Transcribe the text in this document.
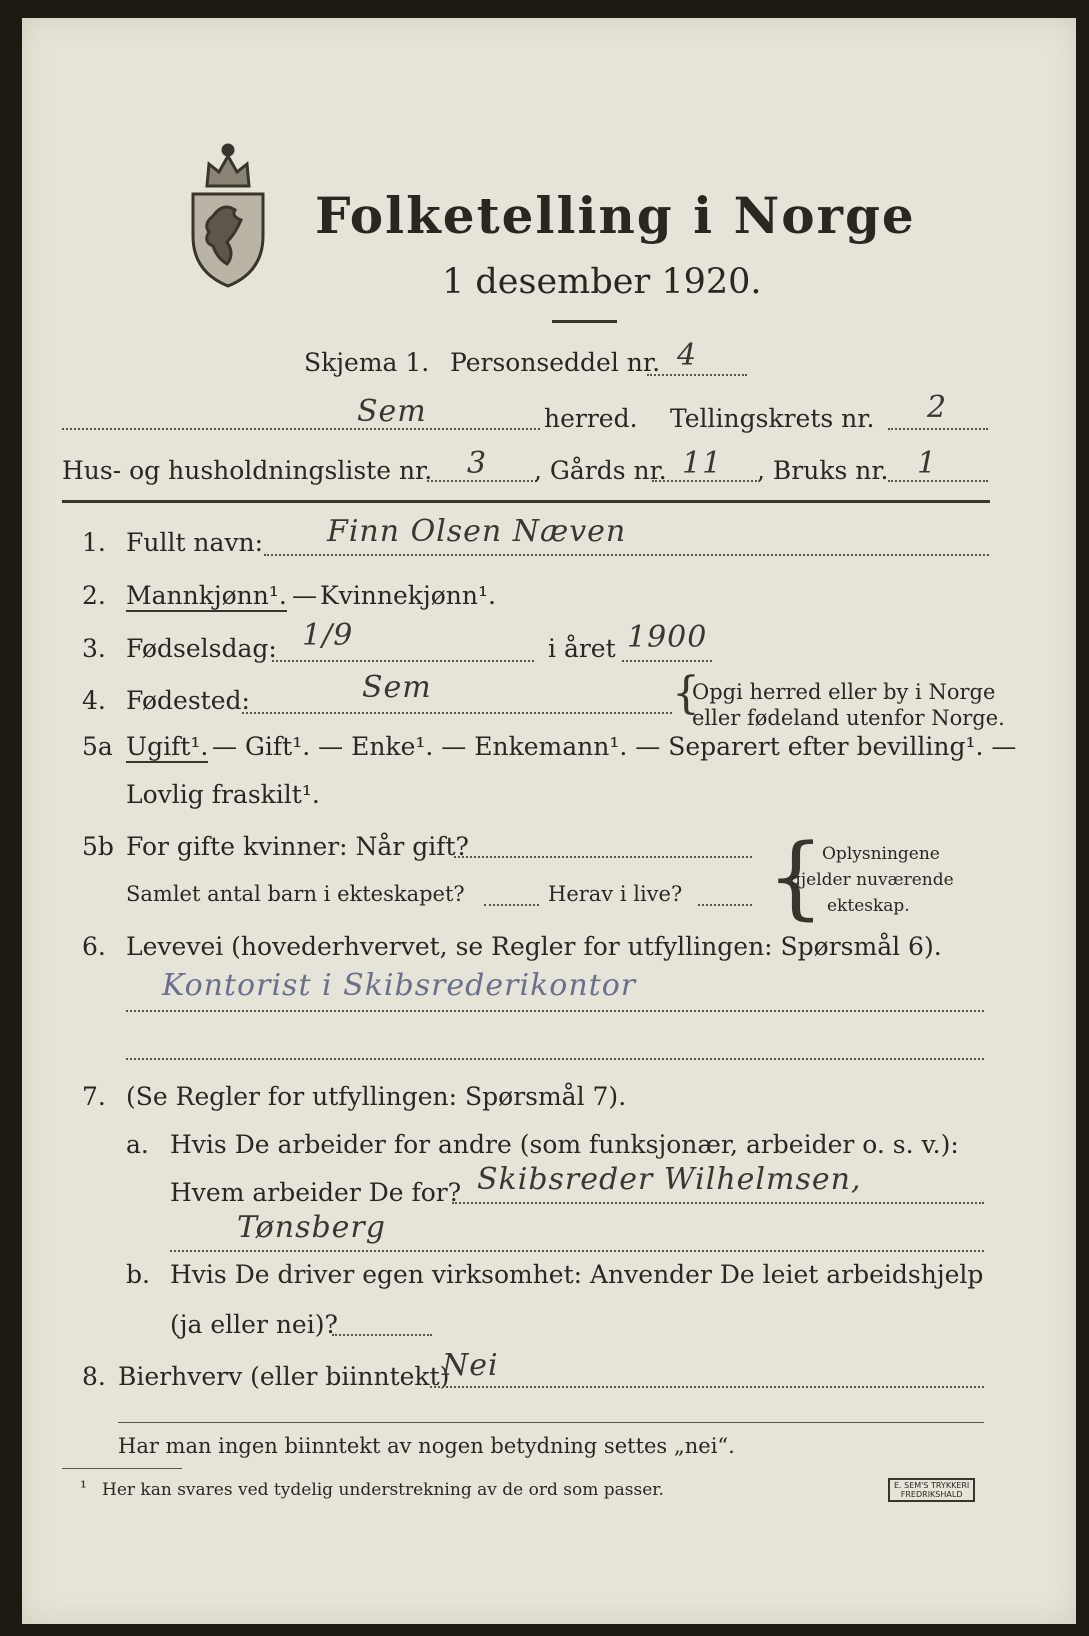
Folketelling i Norge
1 desember 1920.
Skjema 1. Personseddel nr. 4
Sem	herred. Tellingskrets nr. 2
Hus- og husholdningsliste nr. 3 , Gårds nr. 11 , Bruks nr. 1
1. Fullt navn: Finn Olsen Næven
2. Mannkjønn¹. — Kvinnekjønn¹.
3. Fødselsdag: 1/9	i året 1900
4. Fødested:	Sem	{
Opgi herred eller by i Norge
eller fødeland utenfor Norge.
5a Ugift¹. — Gift¹. — Enke¹. — Enkemann¹. — Separert efter bevilling¹. —
Lovlig fraskilt¹.
5b For gifte kvinner: Når gift?
Samlet antal barn i ekteskapet?	Herav i live? {
Oplysningene
gjelder nuværende
ekteskap.
6. Levevei (hovederhvervet, se Regler for utfyllingen: Spørsmål 6).
Kontorist i Skibsrederikontor
7. (Se Regler for utfyllingen: Spørsmål 7).
a. Hvis De arbeider for andre (som funksjonær, arbeider o. s. v.):
Hvem arbeider De for? Skibsreder Wilhelmsen,
Tønsberg
b. Hvis De driver egen virksomhet: Anvender De leiet arbeidshjelp
(ja eller nei)?
8. Bierhverv (eller biinntekt)
Nei
Har man ingen biinntekt av nogen betydning settes „nei“.
¹ Her kan svares ved tydelig understrekning av de ord som passer.	E. SEM'S TRYKKERI
FREDRIKSHALD
